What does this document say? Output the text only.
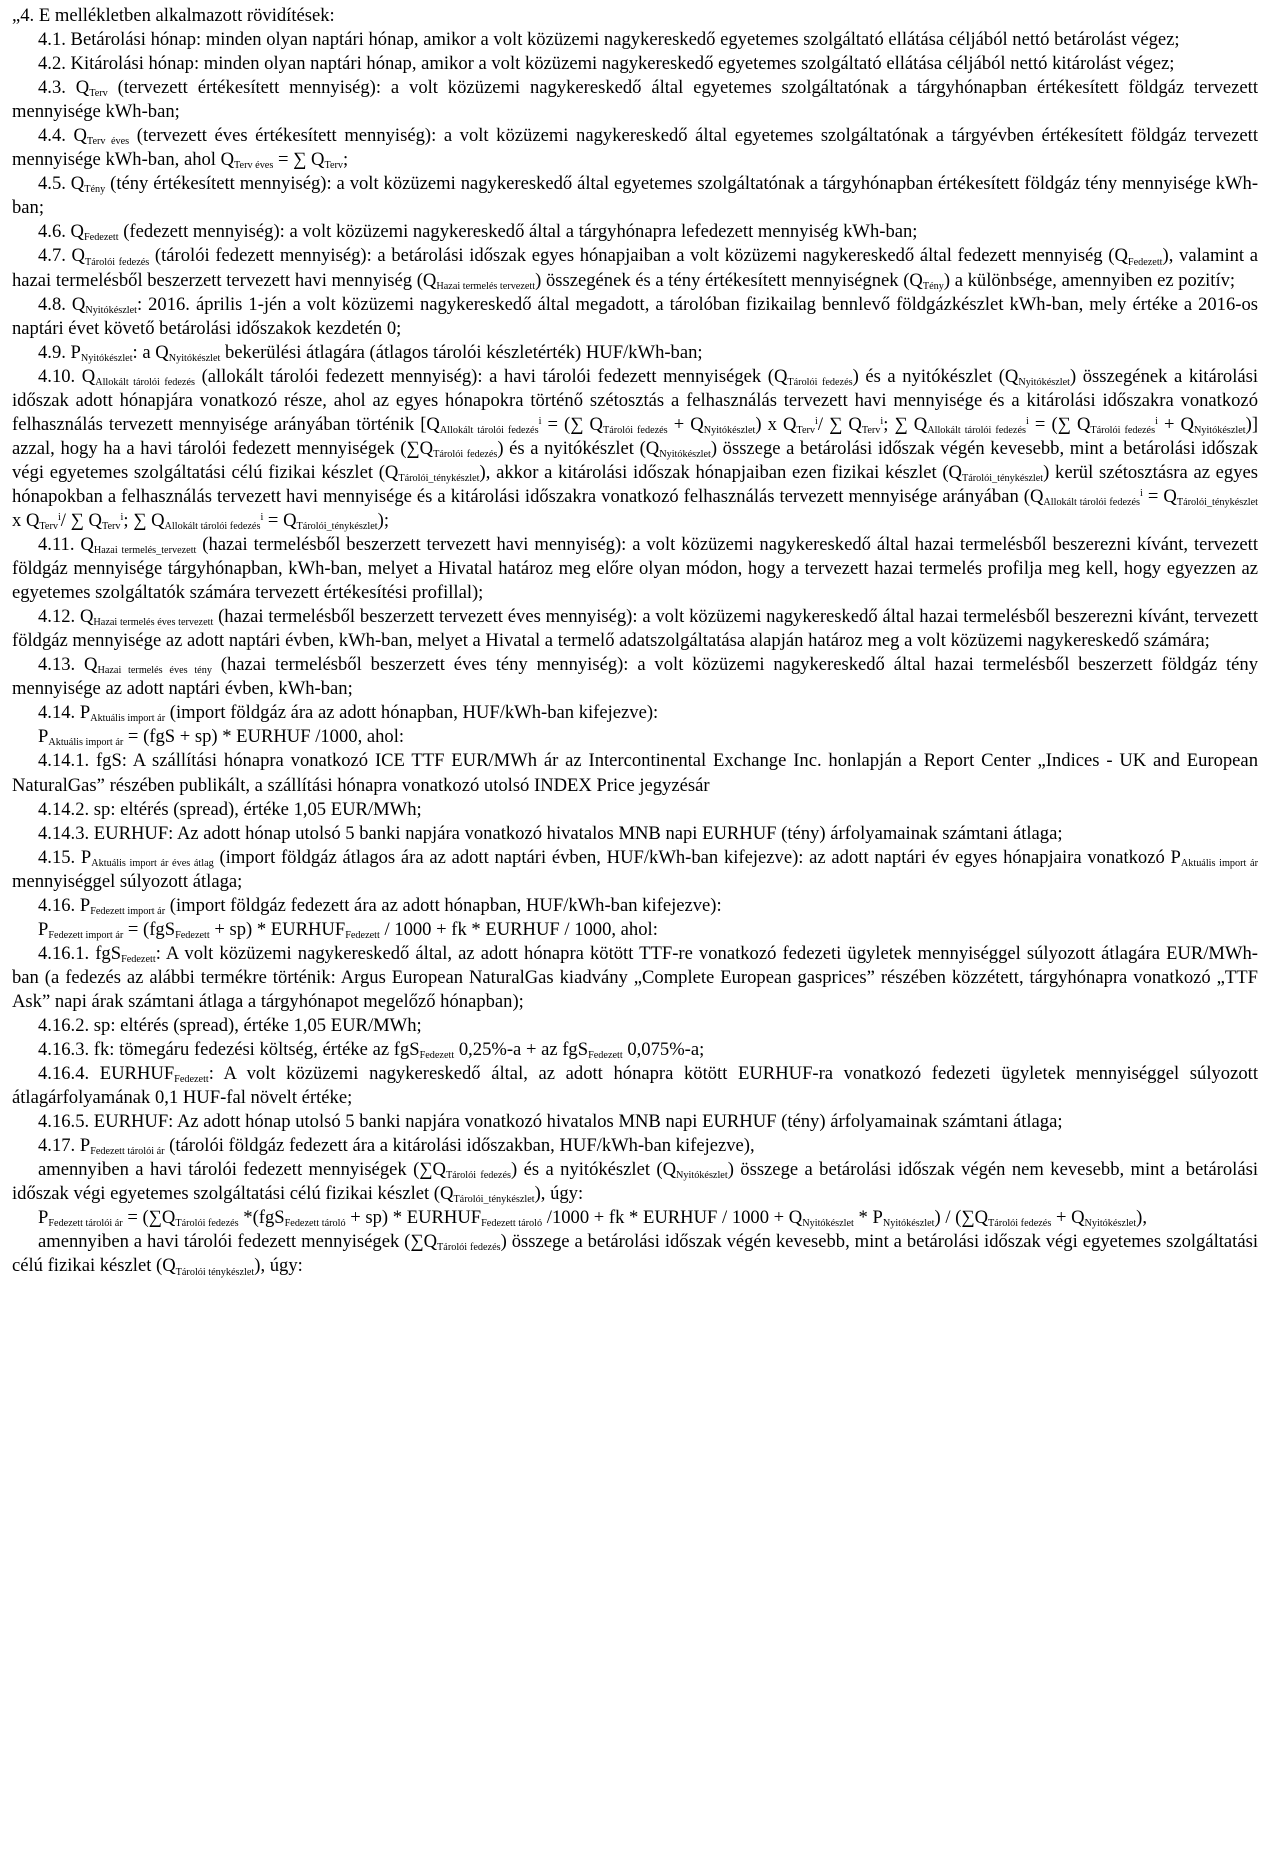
„4. E mellékletben alkalmazott rövidítések:

4.1. Betárolási hónap: minden olyan naptári hónap, amikor a volt közüzemi nagykereskedő egyetemes szolgáltató ellátása céljából nettó betárolást végez;

4.2. Kitárolási hónap: minden olyan naptári hónap, amikor a volt közüzemi nagykereskedő egyetemes szolgáltató ellátása céljából nettó kitárolást végez;

4.3. $Q_{Terv}$ (tervezett értékesített mennyiség): a volt közüzemi nagykereskedő által egyetemes szolgáltatónak a tárgyhónapban értékesített földgáz tervezett mennyisége kWh-ban;

4.4. $Q_{Terv éves}$ (tervezett éves értékesített mennyiség): a volt közüzemi nagykereskedő által egyetemes szolgáltatónak a tárgyévben értékesített földgáz tervezett mennyisége kWh-ban, ahol $Q_{Terv éves}$ = ∑ $Q_{Terv}$;

4.5. $Q_{Tény}$ (tény értékesített mennyiség): a volt közüzemi nagykereskedő által egyetemes szolgáltatónak a tárgyhónapban értékesített földgáz tény mennyisége kWh-ban;

4.6. $Q_{Fedezett}$ (fedezett mennyiség): a volt közüzemi nagykereskedő által a tárgyhónapra lefedezett mennyiség kWh-ban;

4.7. $Q_{Tárolói fedezés}$ (tárolói fedezett mennyiség): a betárolási időszak egyes hónapjaiban a volt közüzemi nagykereskedő által fedezett mennyiség $(Q_{Fedezett})$, valamint a hazai termelésből beszerzett tervezett havi mennyiség $(Q_{Hazai termelés tervezett})$ összegének és a tény értékesített mennyiségnek $(Q_{Tény})$ a különbsége, amennyiben ez pozitív;

4.8. $Q_{Nyitókészlet}$: 2016. április 1-jén a volt közüzemi nagykereskedő által megadott, a tárolóban fizikailag bennlevő földgázkészlet kWh-ban, mely értéke a 2016-os naptári évet követő betárolási időszakok kezdetén 0;

4.9. $P_{Nyitókészlet}$: a $Q_{Nyitókészlet}$ bekerülési átlagára (átlagos tárolói készletérték) HUF/kWh-ban;

4.10. $Q_{Allokált tárolói fedezés}$ (allokált tárolói fedezett mennyiség): a havi tárolói fedezett mennyiségek $(Q_{Tárolói fedezés})$ és a nyitókészlet $(Q_{Nyitókészlet})$ összegének a kitárolási időszak adott hónapjára vonatkozó része, ahol az egyes hónapokra történő szétosztás a felhasználás tervezett havi mennyisége és a kitárolási időszakra vonatkozó felhasználás tervezett mennyisége arányában történik [$Q_{Allokált tárolói fedezés}^i$ = (∑ $Q_{Tárolói fedezés} + Q_{Nyitókészlet}$) x $Q_{Terv}^i/$ ∑ $Q_{Terv}^i$; ∑ $Q_{Allokált tárolói fedezés}^i$ = (∑ $Q_{Tárolói fedezés}^i + Q_{Nyitókészlet}$)] azzal, hogy ha a havi tárolói fedezett mennyiségek $(\sum Q_{Tárolói fedezés})$ és a nyitókészlet $(Q_{Nyitókészlet})$ összege a betárolási időszak végén kevesebb, mint a betárolási időszak végi egyetemes szolgáltatási célú fizikai készlet $(Q_{Tárolói\_ténykészlet})$, akkor a kitárolási időszak hónapjaiban ezen fizikai készlet $(Q_{Tárolói\_ténykészlet})$ kerül szétosztásra az egyes hónapokban a felhasználás tervezett havi mennyisége és a kitárolási időszakra vonatkozó felhasználás tervezett mennyisége arányában ($Q_{Allokált tárolói fedezés}^i = Q_{Tárolói\_ténykészlet}$ x $Q_{Terv}^i/$ ∑ $Q_{Terv}^i$; ∑ $Q_{Allokált tárolói fedezés}^i = Q_{Tárolói\_ténykészlet}$);

4.11. $Q_{Hazai termelés\_tervezett}$ (hazai termelésből beszerzett tervezett havi mennyiség): a volt közüzemi nagykereskedő által hazai termelésből beszerezni kívánt, tervezett földgáz mennyisége tárgyhónapban, kWh-ban, melyet a Hivatal határoz meg előre olyan módon, hogy a tervezett hazai termelés profilja meg kell, hogy egyezzen az egyetemes szolgáltatók számára tervezett értékesítési profillal);

4.12. $Q_{Hazai termelés éves tervezett}$ (hazai termelésből beszerzett tervezett éves mennyiség): a volt közüzemi nagykereskedő által hazai termelésből beszerezni kívánt, tervezett földgáz mennyisége az adott naptári évben, kWh-ban, melyet a Hivatal a termelő adatszolgáltatása alapján határoz meg a volt közüzemi nagykereskedő számára;

4.13. $Q_{Hazai termelés éves tény}$ (hazai termelésből beszerzett éves tény mennyiség): a volt közüzemi nagykereskedő által hazai termelésből beszerzett földgáz tény mennyisége az adott naptári évben, kWh-ban;

4.14. $P_{Aktuális import ár}$ (import földgáz ára az adott hónapban, HUF/kWh-ban kifejezve):

$P_{Aktuális import ár} = (fgS + sp)$ * EURHUF /1000, ahol:

4.14.1. fgS: A szállítási hónapra vonatkozó ICE TTF EUR/MWh ár az Intercontinental Exchange Inc. honlapján a Report Center „Indices - UK and European NaturalGas” részében publikált, a szállítási hónapra vonatkozó utolsó INDEX Price jegyzésár

4.14.2. sp: eltérés (spread), értéke 1,05 EUR/MWh;

4.14.3. EURHUF: Az adott hónap utolsó 5 banki napjára vonatkozó hivatalos MNB napi EURHUF (tény) árfolyamainak számtani átlaga;

4.15. $P_{Aktuális import ár éves átlag}$ (import földgáz átlagos ára az adott naptári évben, HUF/kWh-ban kifejezve): az adott naptári év egyes hónapjaira vonatkozó $P_{Aktuális import ár}$ mennyiséggel súlyozott átlaga;

4.16. $P_{Fedezett import ár}$ (import földgáz fedezett ára az adott hónapban, HUF/kWh-ban kifejezve):

$P_{Fedezett import ár} = (fgS_{Fedezett} + sp)$ * $EURHUF_{Fedezett} / 1000$ + fk * EURHUF / 1000, ahol:

4.16.1. fgS$_{Fedezett}$: A volt közüzemi nagykereskedő által, az adott hónapra kötött TTF-re vonatkozó fedezeti ügyletek mennyiséggel súlyozott átlagára EUR/MWh-ban (a fedezés az alábbi termékre történik: Argus European NaturalGas kiadvány „Complete European gasprices” részében közzétett, tárgyhónapra vonatkozó „TTF Ask” napi árak számtani átlaga a tárgyhónapot megelőző hónapban);

4.16.2. sp: eltérés (spread), értéke 1,05 EUR/MWh;

4.16.3. fk: tömegáru fedezési költség, értéke az fgS$_{Fedezett}$ 0,25%-a + az fgS$_{Fedezett}$ 0,075%-a;

4.16.4. $EURHUF_{Fedezett}$: A volt közüzemi nagykereskedő által, az adott hónapra kötött EURHUF-ra vonatkozó fedezeti ügyletek mennyiséggel súlyozott átlagárfolyamának 0,1 HUF-fal növelt értéke;

4.16.5. EURHUF: Az adott hónap utolsó 5 banki napjára vonatkozó hivatalos MNB napi EURHUF (tény) árfolyamainak számtani átlaga;

4.17. $P_{Fedezett tárolói ár}$ (tárolói földgáz fedezett ára a kitárolási időszakban, HUF/kWh-ban kifejezve),

amennyiben a havi tárolói fedezett mennyiségek $(\sum Q_{Tárolói fedezés})$ és a nyitókészlet $(Q_{Nyitókészlet})$ összege a betárolási időszak végén nem kevesebb, mint a betárolási időszak végi egyetemes szolgáltatási célú fizikai készlet $(Q_{Tárolói\_ténykészlet})$, úgy:

$P_{Fedezett tárolói ár} = (\sum Q_{Tárolói fedezés}$ $*(fgS_{Fedezett tároló} + sp) * EURHUF_{Fedezett tároló}$ /1000 + fk * EURHUF / $1000 + Q_{Nyitókészlet} * P_{Nyitókészlet}) / (\sum Q_{Tárolói fedezés} + Q_{Nyitókészlet})$,

amennyiben a havi tárolói fedezett mennyiségek $(\sum Q_{Tárolói fedezés})$ összege a betárolási időszak végén kevesebb, mint a betárolási időszak végi egyetemes szolgáltatási célú fizikai készlet $(Q_{Tárolói ténykészlet})$, úgy:
